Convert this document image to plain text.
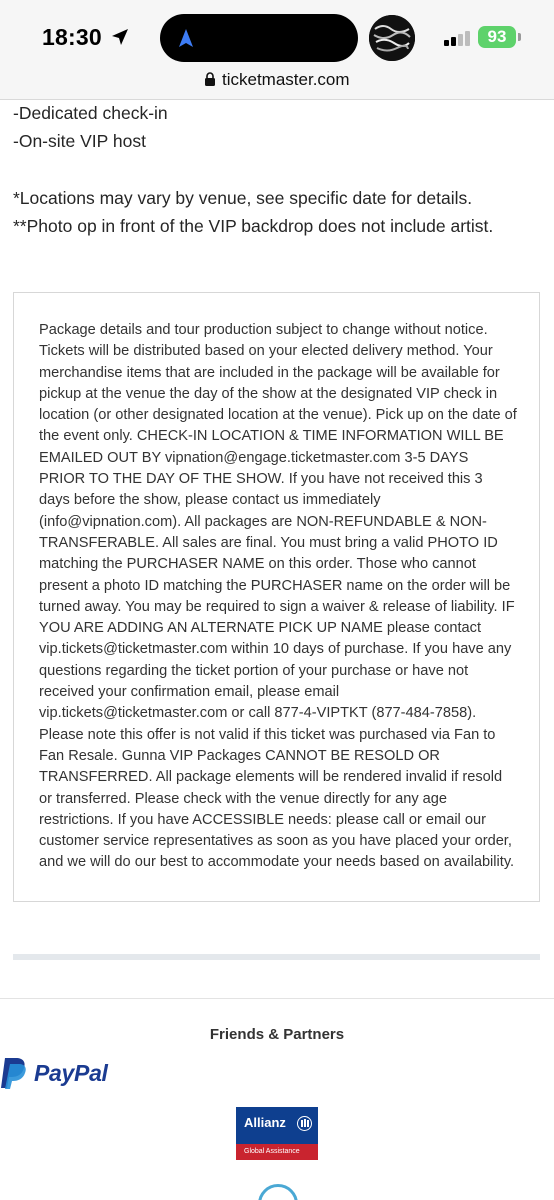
18:30	93
ticketmaster.com
-Dedicated check-in
-On-site VIP host
*Locations may vary by venue, see specific date for details.
**Photo op in front of the VIP backdrop does not include artist.
Package details and tour production subject to change without notice. Tickets will be distributed based on your elected delivery method. Your merchandise items that are included in the package will be available for pickup at the venue the day of the show at the designated VIP check in location (or other designated location at the venue). Pick up on the date of the event only. CHECK-IN LOCATION & TIME INFORMATION WILL BE EMAILED OUT BY vipnation@engage.ticketmaster.com 3-5 DAYS PRIOR TO THE DAY OF THE SHOW. If you have not received this 3 days before the show, please contact us immediately (info@vipnation.com). All packages are NON-REFUNDABLE & NON-TRANSFERABLE. All sales are final. You must bring a valid PHOTO ID matching the PURCHASER NAME on this order. Those who cannot present a photo ID matching the PURCHASER name on the order will be turned away. You may be required to sign a waiver & release of liability. IF YOU ARE ADDING AN ALTERNATE PICK UP NAME please contact vip.tickets@ticketmaster.com within 10 days of purchase. If you have any questions regarding the ticket portion of your purchase or have not received your confirmation email, please email vip.tickets@ticketmaster.com or call 877-4-VIPTKT (877-484-7858). Please note this offer is not valid if this ticket was purchased via Fan to Fan Resale. Gunna VIP Packages CANNOT BE RESOLD OR TRANSFERRED. All package elements will be rendered invalid if resold or transferred. Please check with the venue directly for any age restrictions. If you have ACCESSIBLE needs: please call or email our customer service representatives as soon as you have placed your order, and we will do our best to accommodate your needs based on availability.
Friends & Partners
PayPal
Allianz
Global Assistance
